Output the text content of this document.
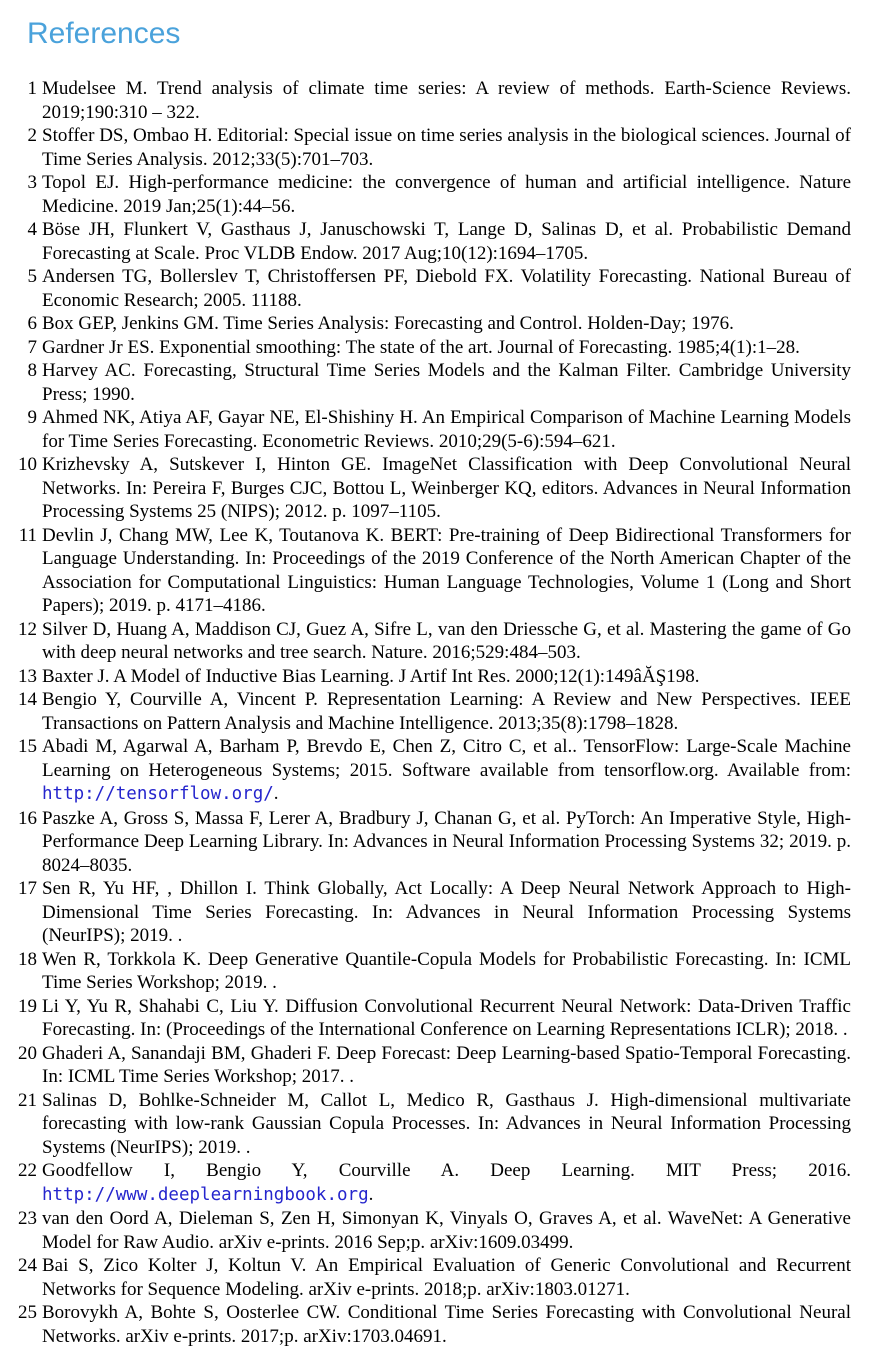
References
1 Mudelsee M. Trend analysis of climate time series: A review of methods. Earth-Science Reviews. 2019;190:310 – 322.
2 Stoffer DS, Ombao H. Editorial: Special issue on time series analysis in the biological sciences. Journal of Time Series Analysis. 2012;33(5):701–703.
3 Topol EJ. High-performance medicine: the convergence of human and artificial intelligence. Nature Medicine. 2019 Jan;25(1):44–56.
4 Böse JH, Flunkert V, Gasthaus J, Januschowski T, Lange D, Salinas D, et al. Probabilistic Demand Forecasting at Scale. Proc VLDB Endow. 2017 Aug;10(12):1694–1705.
5 Andersen TG, Bollerslev T, Christoffersen PF, Diebold FX. Volatility Forecasting. National Bureau of Economic Research; 2005. 11188.
6 Box GEP, Jenkins GM. Time Series Analysis: Forecasting and Control. Holden-Day; 1976.
7 Gardner Jr ES. Exponential smoothing: The state of the art. Journal of Forecasting. 1985;4(1):1–28.
8 Harvey AC. Forecasting, Structural Time Series Models and the Kalman Filter. Cambridge University Press; 1990.
9 Ahmed NK, Atiya AF, Gayar NE, El-Shishiny H. An Empirical Comparison of Machine Learning Models for Time Series Forecasting. Econometric Reviews. 2010;29(5-6):594–621.
10 Krizhevsky A, Sutskever I, Hinton GE. ImageNet Classification with Deep Convolutional Neural Networks. In: Pereira F, Burges CJC, Bottou L, Weinberger KQ, editors. Advances in Neural Information Processing Systems 25 (NIPS); 2012. p. 1097–1105.
11 Devlin J, Chang MW, Lee K, Toutanova K. BERT: Pre-training of Deep Bidirectional Transformers for Language Understanding. In: Proceedings of the 2019 Conference of the North American Chapter of the Association for Computational Linguistics: Human Language Technologies, Volume 1 (Long and Short Papers); 2019. p. 4171–4186.
12 Silver D, Huang A, Maddison CJ, Guez A, Sifre L, van den Driessche G, et al. Mastering the game of Go with deep neural networks and tree search. Nature. 2016;529:484–503.
13 Baxter J. A Model of Inductive Bias Learning. J Artif Int Res. 2000;12(1):149âĂŞ198.
14 Bengio Y, Courville A, Vincent P. Representation Learning: A Review and New Perspectives. IEEE Transactions on Pattern Analysis and Machine Intelligence. 2013;35(8):1798–1828.
15 Abadi M, Agarwal A, Barham P, Brevdo E, Chen Z, Citro C, et al.. TensorFlow: Large-Scale Machine Learning on Heterogeneous Systems; 2015. Software available from tensorflow.org. Available from: http://tensorflow.org/.
16 Paszke A, Gross S, Massa F, Lerer A, Bradbury J, Chanan G, et al. PyTorch: An Imperative Style, High-Performance Deep Learning Library. In: Advances in Neural Information Processing Systems 32; 2019. p. 8024–8035.
17 Sen R, Yu HF, , Dhillon I. Think Globally, Act Locally: A Deep Neural Network Approach to High-Dimensional Time Series Forecasting. In: Advances in Neural Information Processing Systems (NeurIPS); 2019. .
18 Wen R, Torkkola K. Deep Generative Quantile-Copula Models for Probabilistic Forecasting. In: ICML Time Series Workshop; 2019. .
19 Li Y, Yu R, Shahabi C, Liu Y. Diffusion Convolutional Recurrent Neural Network: Data-Driven Traffic Forecasting. In: (Proceedings of the International Conference on Learning Representations ICLR); 2018. .
20 Ghaderi A, Sanandaji BM, Ghaderi F. Deep Forecast: Deep Learning-based Spatio-Temporal Forecasting. In: ICML Time Series Workshop; 2017. .
21 Salinas D, Bohlke-Schneider M, Callot L, Medico R, Gasthaus J. High-dimensional multivariate forecasting with low-rank Gaussian Copula Processes. In: Advances in Neural Information Processing Systems (NeurIPS); 2019. .
22 Goodfellow I, Bengio Y, Courville A. Deep Learning. MIT Press; 2016. http://www.deeplearningbook.org.
23 van den Oord A, Dieleman S, Zen H, Simonyan K, Vinyals O, Graves A, et al. WaveNet: A Generative Model for Raw Audio. arXiv e-prints. 2016 Sep;p. arXiv:1609.03499.
24 Bai S, Zico Kolter J, Koltun V. An Empirical Evaluation of Generic Convolutional and Recurrent Networks for Sequence Modeling. arXiv e-prints. 2018;p. arXiv:1803.01271.
25 Borovykh A, Bohte S, Oosterlee CW. Conditional Time Series Forecasting with Convolutional Neural Networks. arXiv e-prints. 2017;p. arXiv:1703.04691.
